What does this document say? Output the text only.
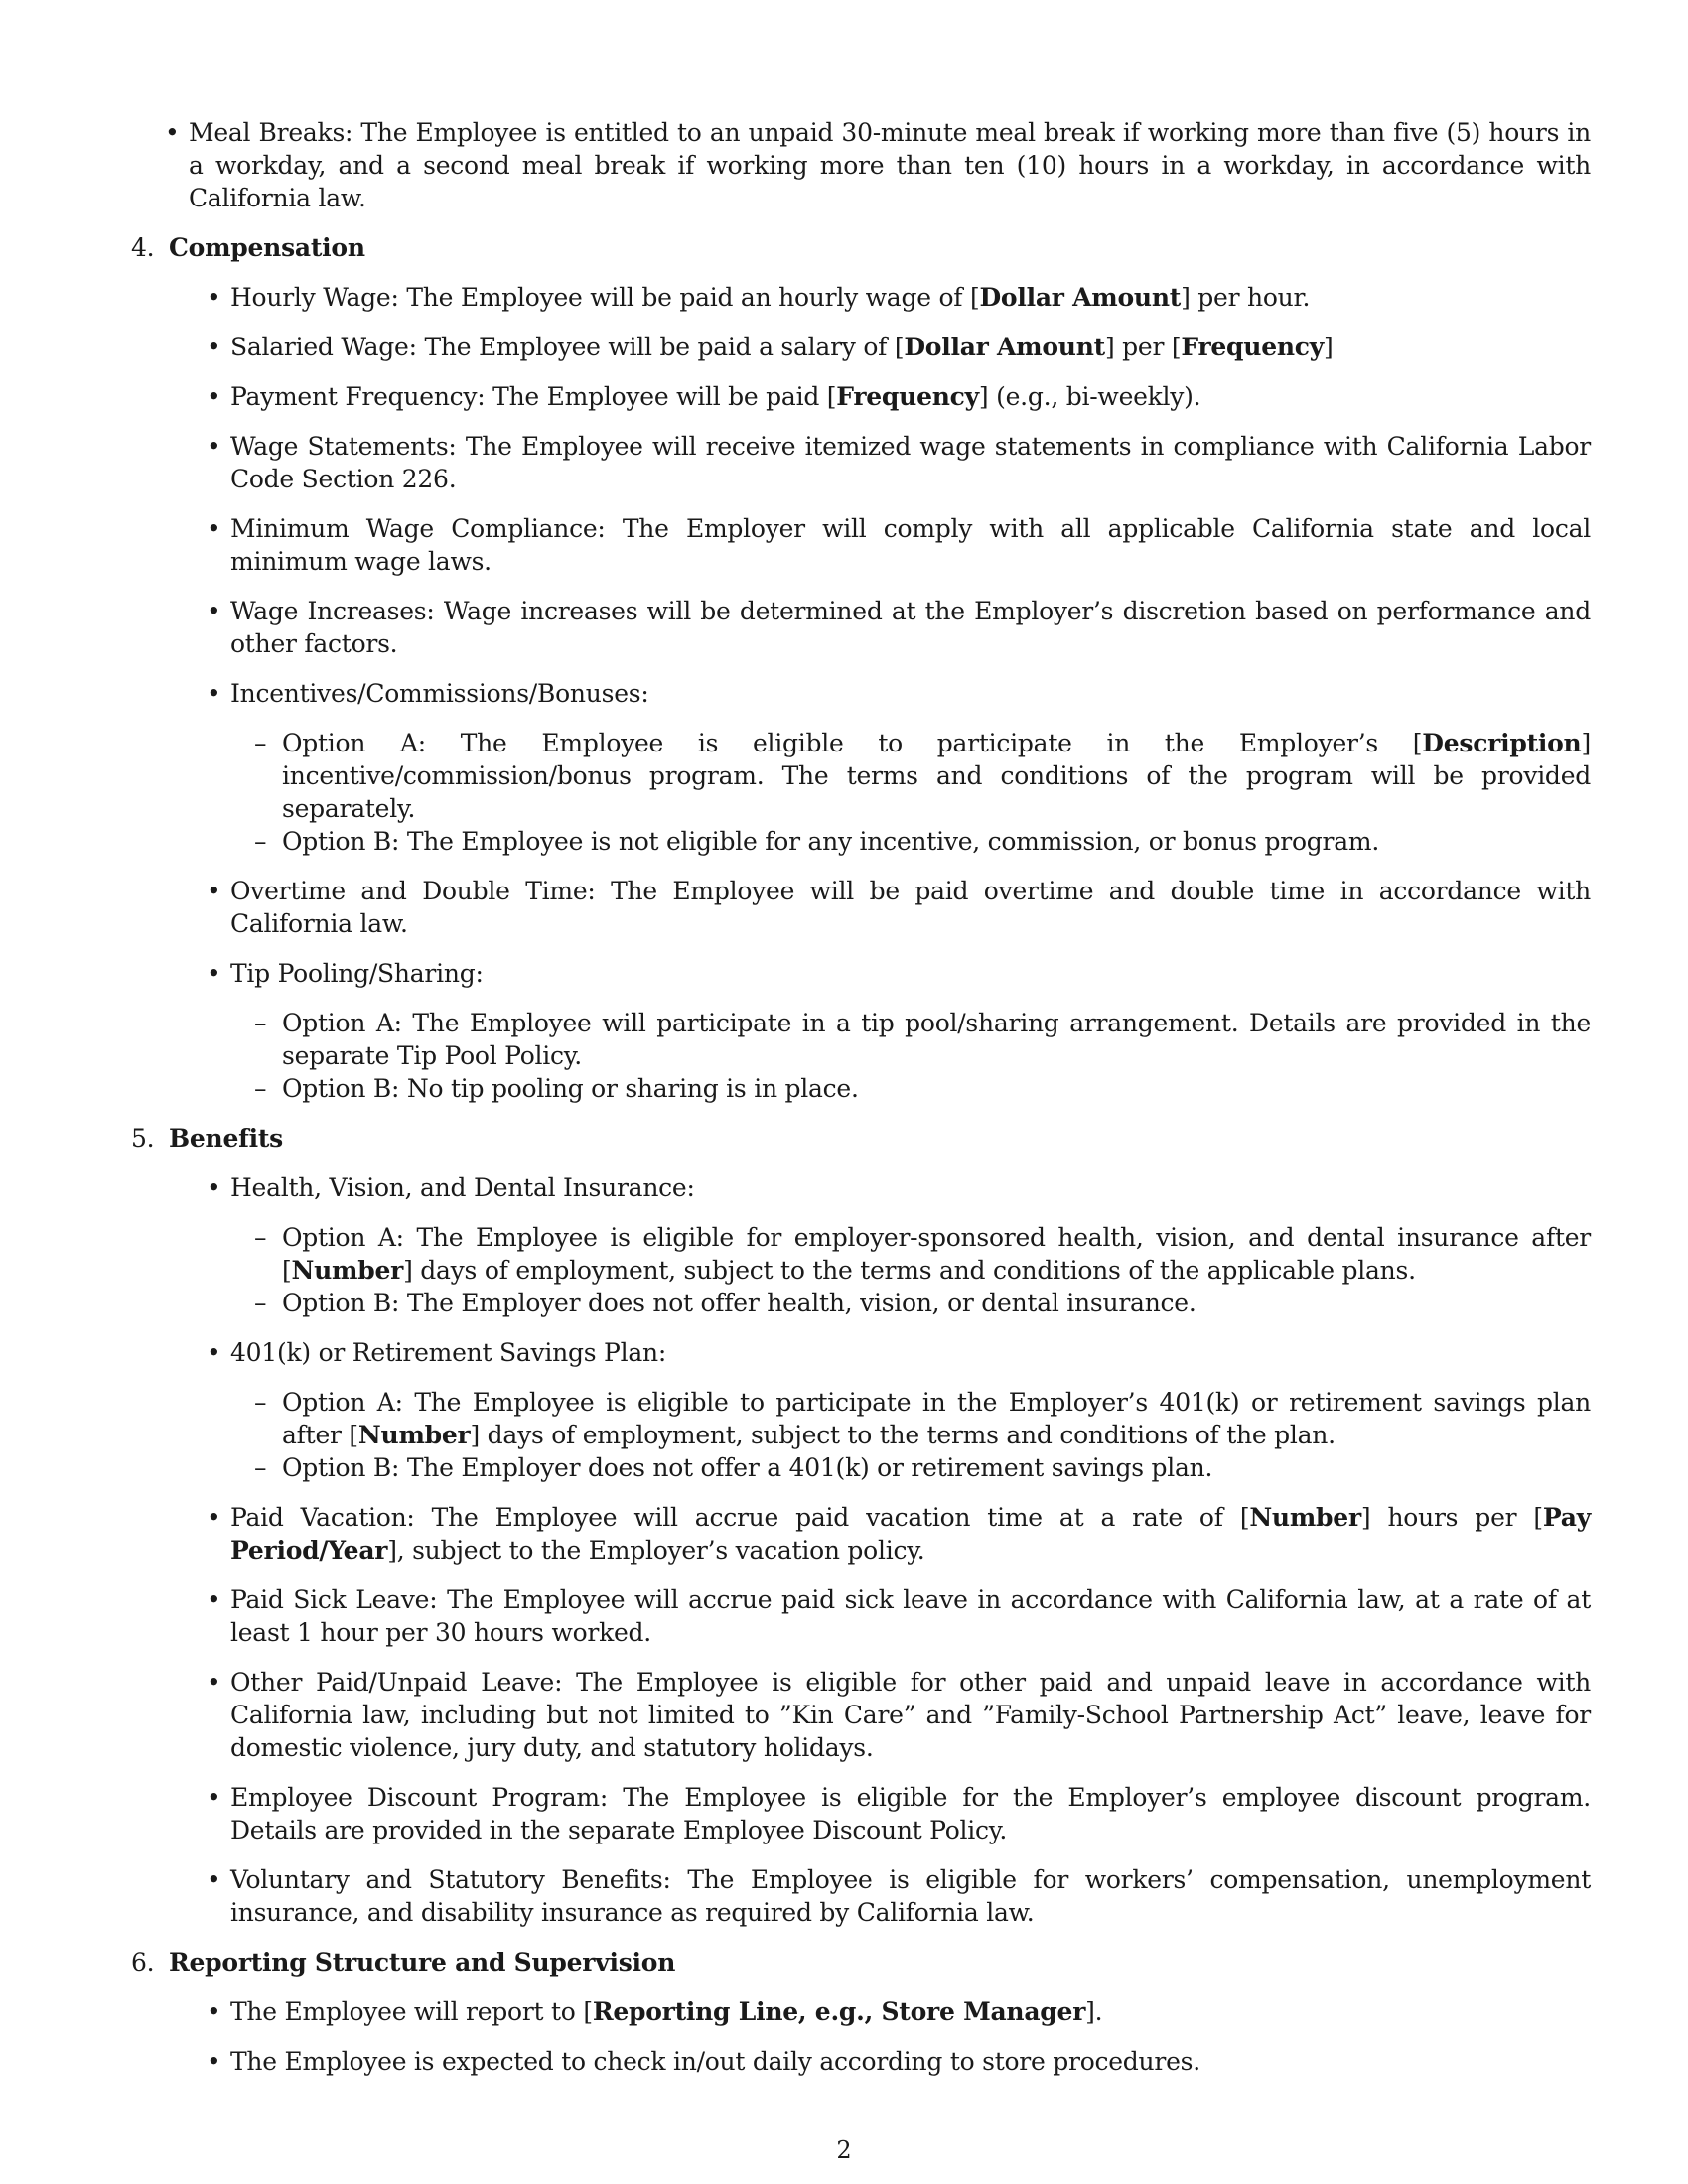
• Meal Breaks: The Employee is entitled to an unpaid 30-minute meal break if working more than five (5) hours in a workday, and a second meal break if working more than ten (10) hours in a workday, in accordance with California law.
4. Compensation
• Hourly Wage: The Employee will be paid an hourly wage of [Dollar Amount] per hour.
• Salaried Wage: The Employee will be paid a salary of [Dollar Amount] per [Frequency]
• Payment Frequency: The Employee will be paid [Frequency] (e.g., bi-weekly).
• Wage Statements: The Employee will receive itemized wage statements in compliance with California Labor Code Section 226.
• Minimum Wage Compliance: The Employer will comply with all applicable California state and local minimum wage laws.
• Wage Increases: Wage increases will be determined at the Employer’s discretion based on performance and other factors.
• Incentives/Commissions/Bonuses:
– Option A: The Employee is eligible to participate in the Employer’s [Description] incentive/commission/bonus program. The terms and conditions of the program will be provided separately.
– Option B: The Employee is not eligible for any incentive, commission, or bonus program.
• Overtime and Double Time: The Employee will be paid overtime and double time in accordance with California law.
• Tip Pooling/Sharing:
– Option A: The Employee will participate in a tip pool/sharing arrangement. Details are provided in the separate Tip Pool Policy.
– Option B: No tip pooling or sharing is in place.
5. Benefits
• Health, Vision, and Dental Insurance:
– Option A: The Employee is eligible for employer-sponsored health, vision, and dental insurance after [Number] days of employment, subject to the terms and conditions of the applicable plans.
– Option B: The Employer does not offer health, vision, or dental insurance.
• 401(k) or Retirement Savings Plan:
– Option A: The Employee is eligible to participate in the Employer’s 401(k) or retirement savings plan after [Number] days of employment, subject to the terms and conditions of the plan.
– Option B: The Employer does not offer a 401(k) or retirement savings plan.
• Paid Vacation: The Employee will accrue paid vacation time at a rate of [Number] hours per [Pay Period/Year], subject to the Employer’s vacation policy.
• Paid Sick Leave: The Employee will accrue paid sick leave in accordance with California law, at a rate of at least 1 hour per 30 hours worked.
• Other Paid/Unpaid Leave: The Employee is eligible for other paid and unpaid leave in accordance with California law, including but not limited to ”Kin Care” and ”Family-School Partnership Act” leave, leave for domestic violence, jury duty, and statutory holidays.
• Employee Discount Program: The Employee is eligible for the Employer’s employee discount program. Details are provided in the separate Employee Discount Policy.
• Voluntary and Statutory Benefits: The Employee is eligible for workers’ compensation, unemployment insurance, and disability insurance as required by California law.
6. Reporting Structure and Supervision
• The Employee will report to [Reporting Line, e.g., Store Manager].
• The Employee is expected to check in/out daily according to store procedures.
2
